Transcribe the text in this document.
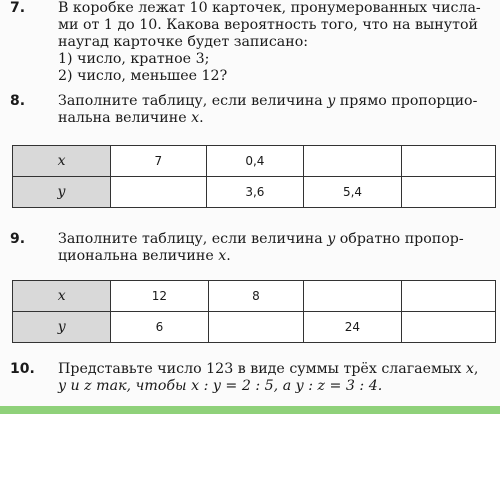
7. В коробке лежат 10 карточек, пронумерованных числа-
ми от 1 до 10. Какова вероятность того, что на вынутой
наугад карточке будет записано:
1) число, кратное 3;
2) число, меньшее 12?
8. Заполните таблицу, если величина y прямо пропорцио-
нальна величине x.
x	7	0,4		
y		3,6	5,4	
9. Заполните таблицу, если величина y обратно пропор-
циональна величине x.
x	12	8		
y	6		24	
10. Представьте число 123 в виде суммы трёх слагаемых x,
y и z так, чтобы x : y = 2 : 5, а y : z = 3 : 4.
